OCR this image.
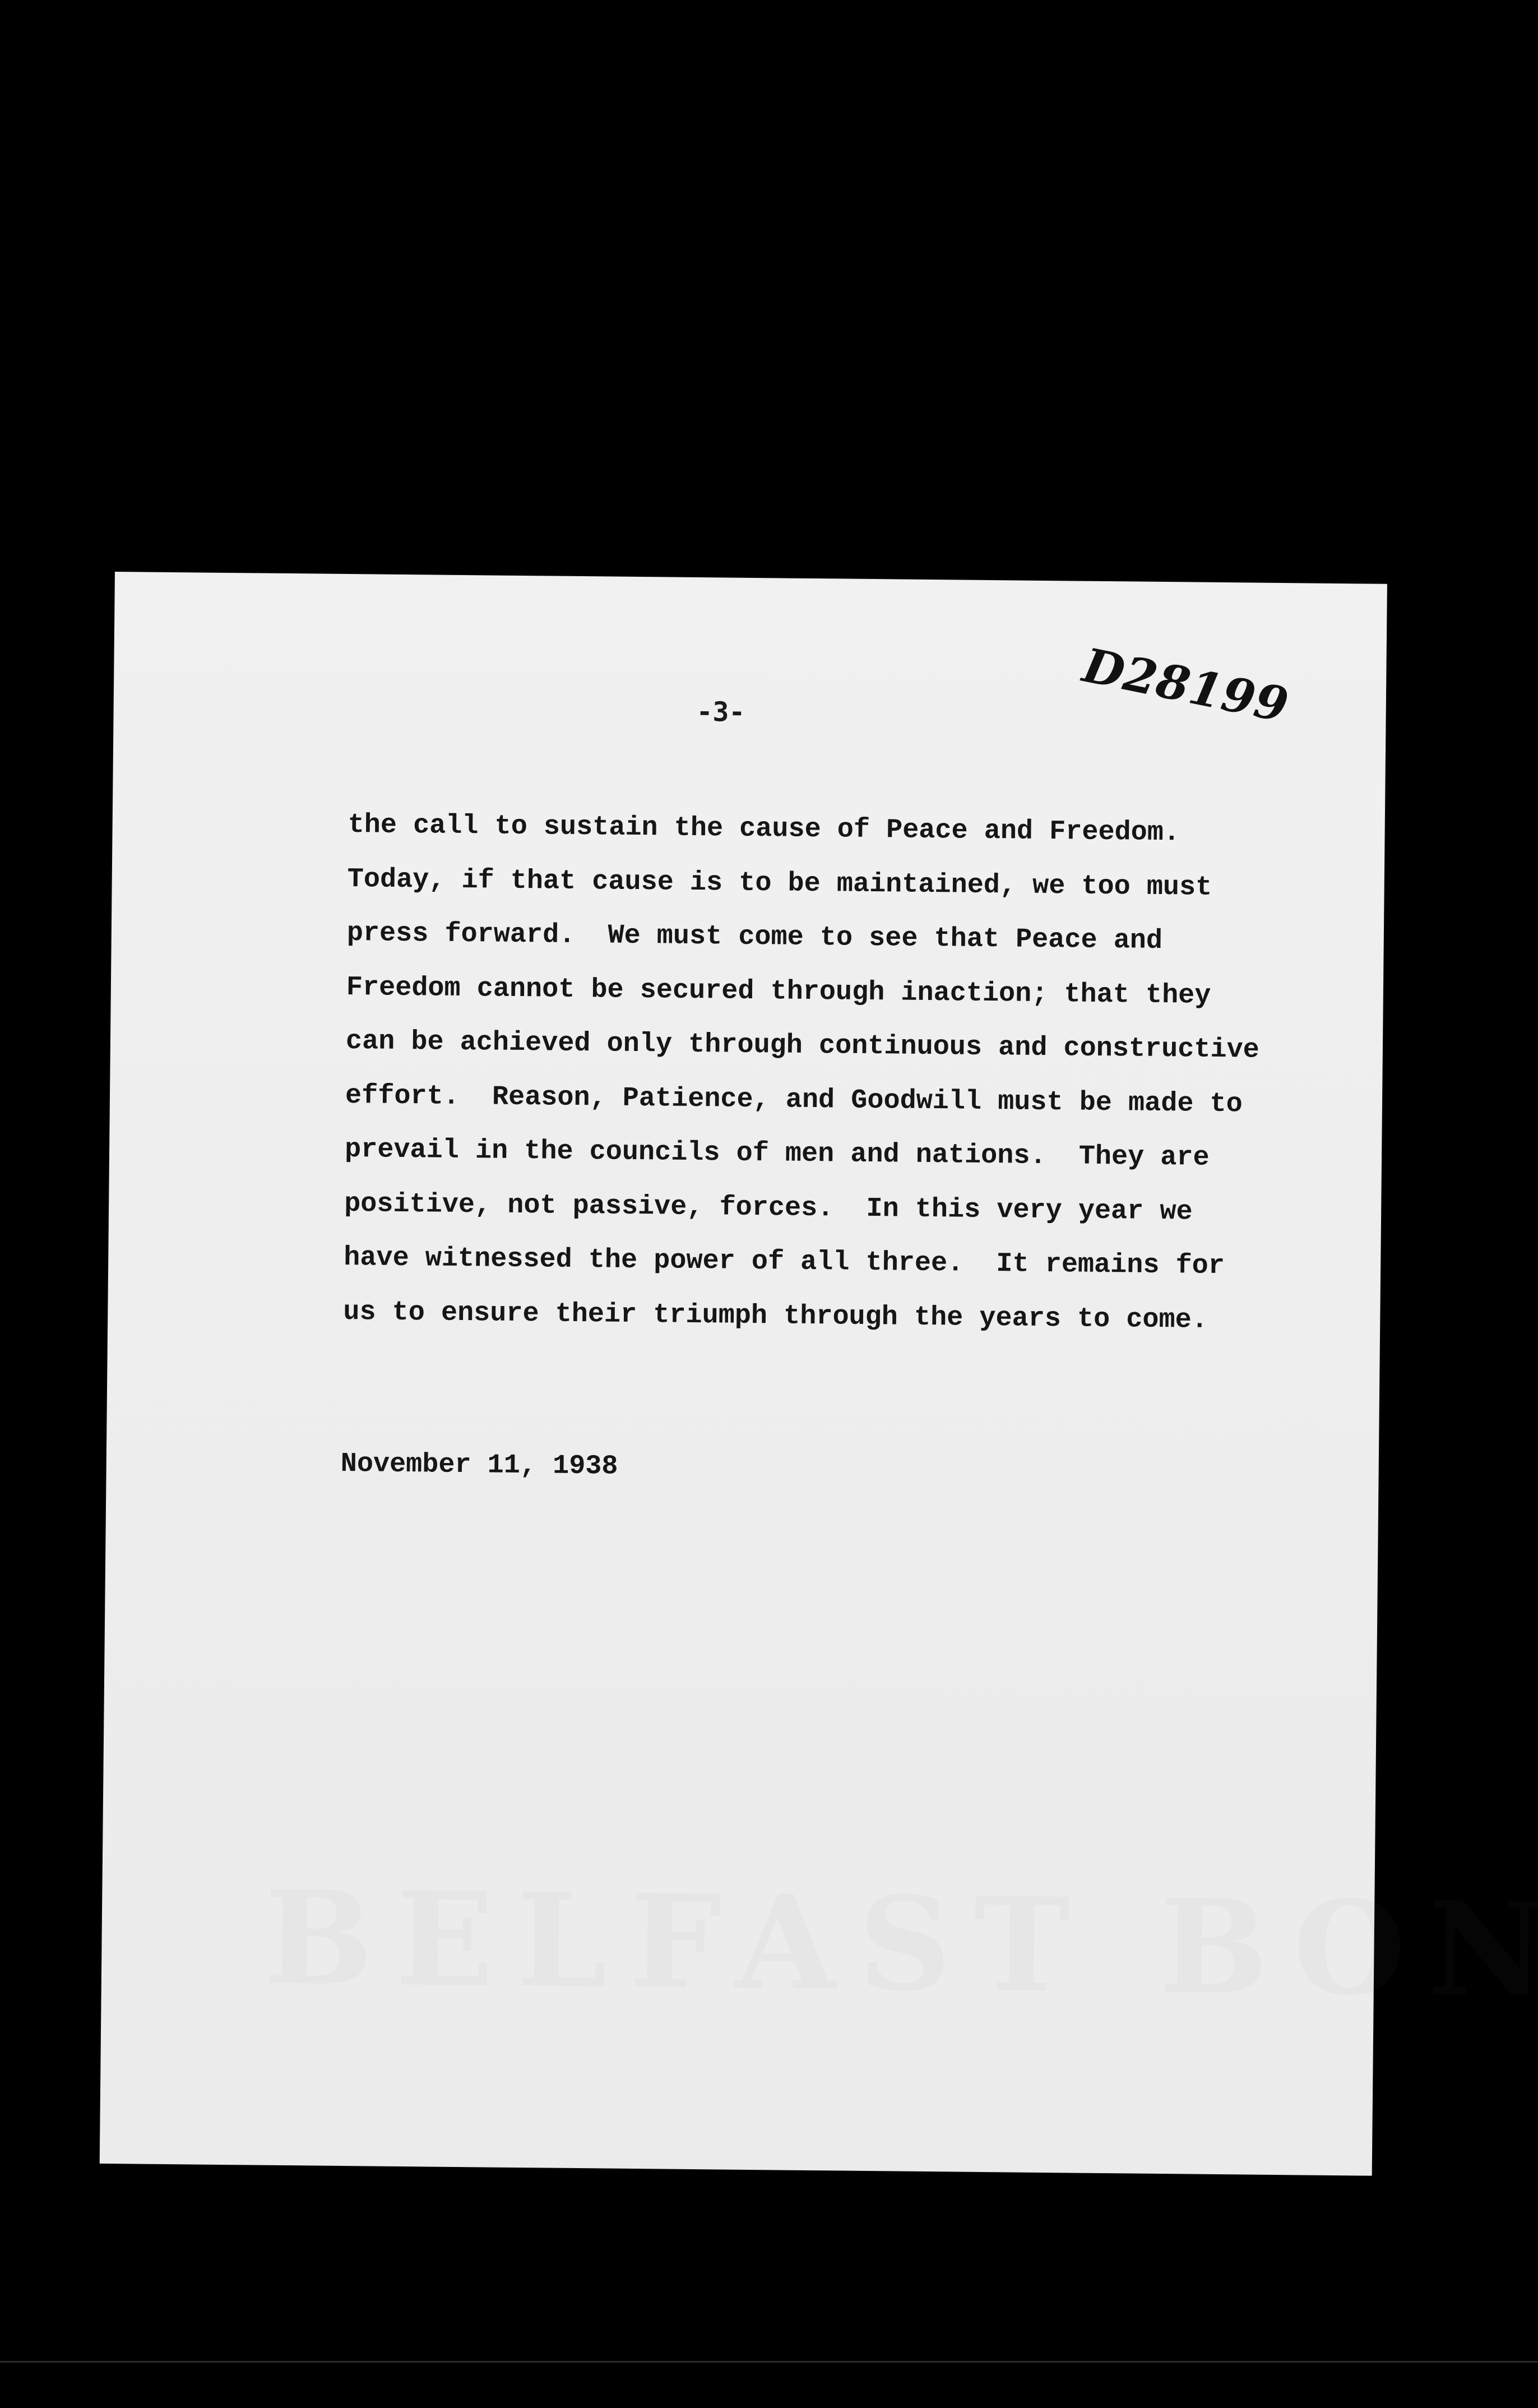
D28199
-3-
the call to sustain the cause of Peace and Freedom.
Today, if that cause is to be maintained, we too must
press forward.  We must come to see that Peace and
Freedom cannot be secured through inaction; that they
can be achieved only through continuous and constructive
effort.  Reason, Patience, and Goodwill must be made to
prevail in the councils of men and nations.  They are
positive, not passive, forces.  In this very year we
have witnessed the power of all three.  It remains for
us to ensure their triumph through the years to come.
November 11, 1938
